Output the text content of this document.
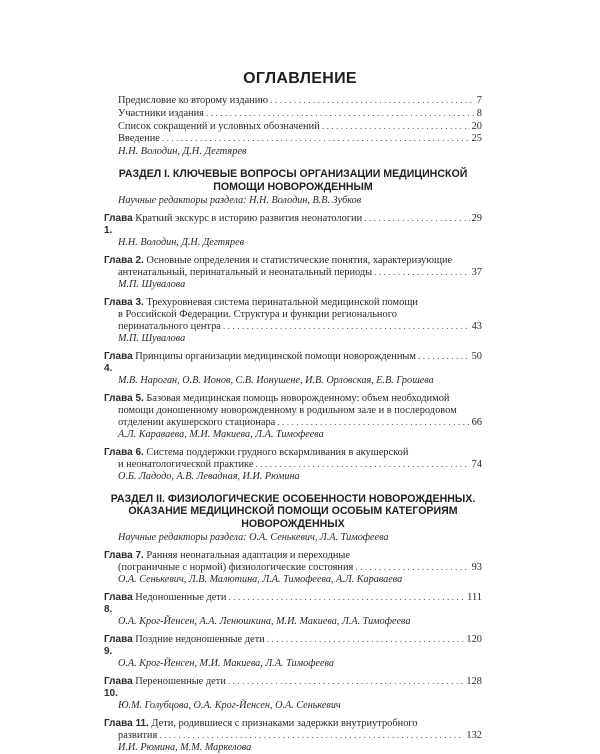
ОГЛАВЛЕНИЕ
Предисловие ко второму изданию . . .	7
Участники издания . . .	8
Список сокращений и условных обозначений . . .	20
Введение . . .	25
Н.Н. Володин, Д.Н. Дегтярев
РАЗДЕЛ I. КЛЮЧЕВЫЕ ВОПРОСЫ ОРГАНИЗАЦИИ МЕДИЦИНСКОЙ
ПОМОЩИ НОВОРОЖДЕННЫМ
Научные редакторы раздела: Н.Н. Володин, В.В. Зубков
Глава 1.

Краткий экскурс в историю развития неонатологии . . .	29
Н.Н. Володин, Д.Н. Дегтярев
Глава 2.
Основные определения и статистические понятия, характеризующие
антенатальный, перинатальный и неонатальный периоды . . .	37
М.П. Шувалова
Глава 3.
Трехуровневая система перинатальной медицинской помощи
в Российской Федерации. Структура и функции регионального
перинатального центра . . .	43
М.П. Шувалова
Глава 4.

Принципы организации медицинской помощи новорожденным . . .	50
М.В. Нароган, О.В. Ионов, С.В. Ионушене, И.В. Орловская, Е.В. Грошева
Глава 5.
Базовая медицинская помощь новорожденному: объем необходимой
помощи доношенному новорожденному в родильном зале и в послеродовом
отделении акушерского стационара . . .	66
А.Л. Караваева, М.И. Макиева, Л.А. Тимофеева
Глава 6.
Система поддержки грудного вскармливания в акушерской
и неонатологической практике . . .	74
О.Б. Ладодо, А.В. Леваднaя, И.И. Рюмина
РАЗДЕЛ II. ФИЗИОЛОГИЧЕСКИЕ ОСОБЕННОСТИ НОВОРОЖДЕННЫХ.
ОКАЗАНИЕ МЕДИЦИНСКОЙ ПОМОЩИ ОСОБЫМ КАТЕГОРИЯМ
НОВОРОЖДЕННЫХ
Научные редакторы раздела: О.А. Сенькевич, Л.А. Тимофеева
Глава 7.
Ранняя неонатальная адаптация и переходные
(пограничные с нормой) физиологические состояния . . .	93
О.А. Сенькевич, Л.В. Малютина, Л.А. Тимофеева, А.Л. Караваева
Глава 8.

Недоношенные дети . . .	111
О.А. Крог-Йенсен, А.А. Ленюшкина, М.И. Макиева, Л.А. Тимофеева
Глава 9.

Поздние недоношенные дети . . .	120
О.А. Крог-Йенсен, М.И. Макиева, Л.А. Тимофеева
Глава 10.

Переношенные дети . . .	128
Ю.М. Голубцова, О.А. Крог-Йенсен, О.А. Сенькевич
Глава 11.
Дети, родившиеся с признаками задержки внутриутробного
развития . . .	132
И.И. Рюмина, М.М. Маркелова
